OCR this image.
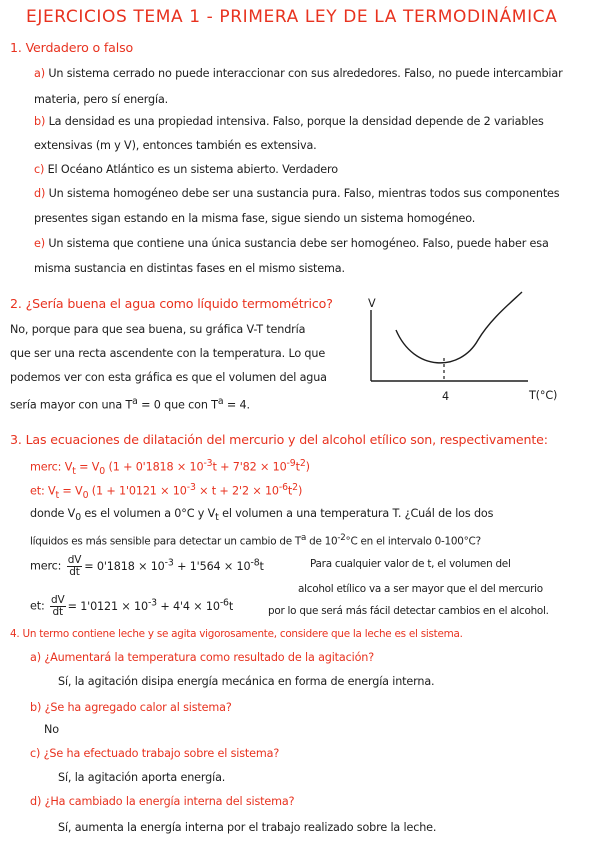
EJERCICIOS TEMA 1 - PRIMERA LEY DE LA TERMODINÁMICA
1. Verdadero o falso
a) Un sistema cerrado no puede interaccionar con sus alrededores. Falso, no puede intercambiar
materia, pero sí energía.
b) La densidad es una propiedad intensiva. Falso, porque la densidad depende de 2 variables
extensivas (m y V), entonces también es extensiva.
c) El Océano Atlántico es un sistema abierto. Verdadero
d) Un sistema homogéneo debe ser una sustancia pura. Falso, mientras todos sus componentes
presentes sigan estando en la misma fase, sigue siendo un sistema homogéneo.
e) Un sistema que contiene una única sustancia debe ser homogéneo. Falso, puede haber esa
misma sustancia en distintas fases en el mismo sistema.
2. ¿Sería buena el agua como líquido termométrico?
No, porque para que sea buena, su gráfica V-T tendría
que ser una recta ascendente con la temperatura. Lo que
podemos ver con esta gráfica es que el volumen del agua
sería mayor con una $T^a = 0$ que con $T^a = 4$.
V
T(°C)
4
3. Las ecuaciones de dilatación del mercurio y del alcohol etílico son, respectivamente:
merc: $V_t = V_0$ $(1 + 0'1818 \times 10^{-3}t + 7'82 \times 10^{-9}t^2)$
et: $V_t = V_0$ $(1 + 1'0121 \times 10^{-3} \times t + 2'2 \times 10^{-6}t^2)$
donde $V_0$ es el volumen a 0°C y $V_t$ el volumen a una temperatura T. ¿Cuál de los dos
líquidos es más sensible para detectar un cambio de $T^a$ de $10^{-2}^\circ C$ en el intervalo 0-100°C?
merc: $\frac{dV}{dt} = 0'1818 \times 10^{-3} + 1'564 \times 10^{-8}t$
et: $\frac{dV}{dt} = 1'0121 \times 10^{-3} + 4'4 \times 10^{-6}t$
Para cualquier valor de t, el volumen del
alcohol etílico va a ser mayor que el del mercurio
por lo que será más fácil detectar cambios en el alcohol.
4. Un termo contiene leche y se agita vigorosamente, considere que la leche es el sistema.
a) ¿Aumentará la temperatura como resultado de la agitación?
Sí, la agitación disipa energía mecánica en forma de energía interna.
b) ¿Se ha agregado calor al sistema?
No
c) ¿Se ha efectuado trabajo sobre el sistema?
Sí, la agitación aporta energía.
d) ¿Ha cambiado la energía interna del sistema?
Sí, aumenta la energía interna por el trabajo realizado sobre la leche.
